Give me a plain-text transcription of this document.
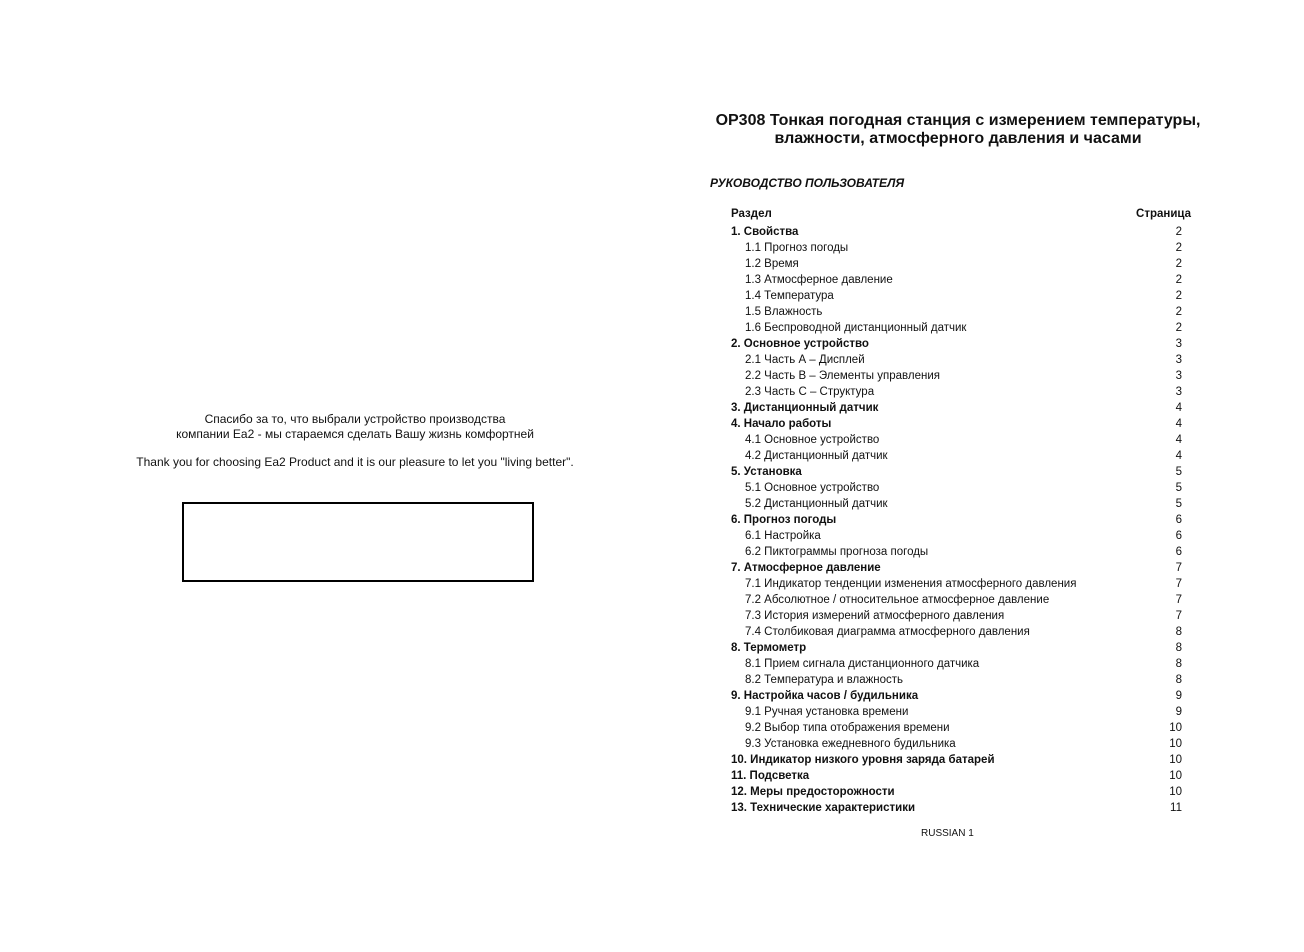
Спасибо за то, что выбрали устройство производства
компании Ea2 - мы стараемся сделать Вашу жизнь комфортней
Thank you for choosing Ea2 Product and it is our pleasure to let you "living better".
OP308 Тонкая погодная станция с измерением температуры,
влажности, атмосферного давления и часами
РУКОВОДСТВО ПОЛЬЗОВАТЕЛЯ
Раздел	Страница
1. Свойства	2
1.1 Прогноз погоды	2
1.2 Время	2
1.3 Атмосферное давление	2
1.4 Температура	2
1.5 Влажность	2
1.6 Беспроводной дистанционный датчик	2
2. Основное устройство	3
2.1 Часть А – Дисплей	3
2.2 Часть В – Элементы управления	3
2.3 Часть С – Структура	3
3. Дистанционный датчик	4
4. Начало работы	4
4.1 Основное устройство	4
4.2 Дистанционный датчик	4
5. Установка	5
5.1 Основное устройство	5
5.2 Дистанционный датчик	5
6. Прогноз погоды	6
6.1 Настройка	6
6.2 Пиктограммы прогноза погоды	6
7. Атмосферное давление	7
7.1 Индикатор тенденции изменения атмосферного давления	7
7.2 Абсолютное / относительное атмосферное давление	7
7.3 История измерений атмосферного давления	7
7.4 Столбиковая диаграмма атмосферного давления	8
8. Термометр	8
8.1 Прием сигнала дистанционного датчика	8
8.2 Температура и влажность	8
9. Настройка часов / будильника	9
9.1 Ручная установка времени	9
9.2 Выбор типа отображения времени	10
9.3 Установка ежедневного будильника	10
10. Индикатор низкого уровня заряда батарей	10
11. Подсветка	10
12. Меры предосторожности	10
13. Технические характеристики	11
RUSSIAN 1
